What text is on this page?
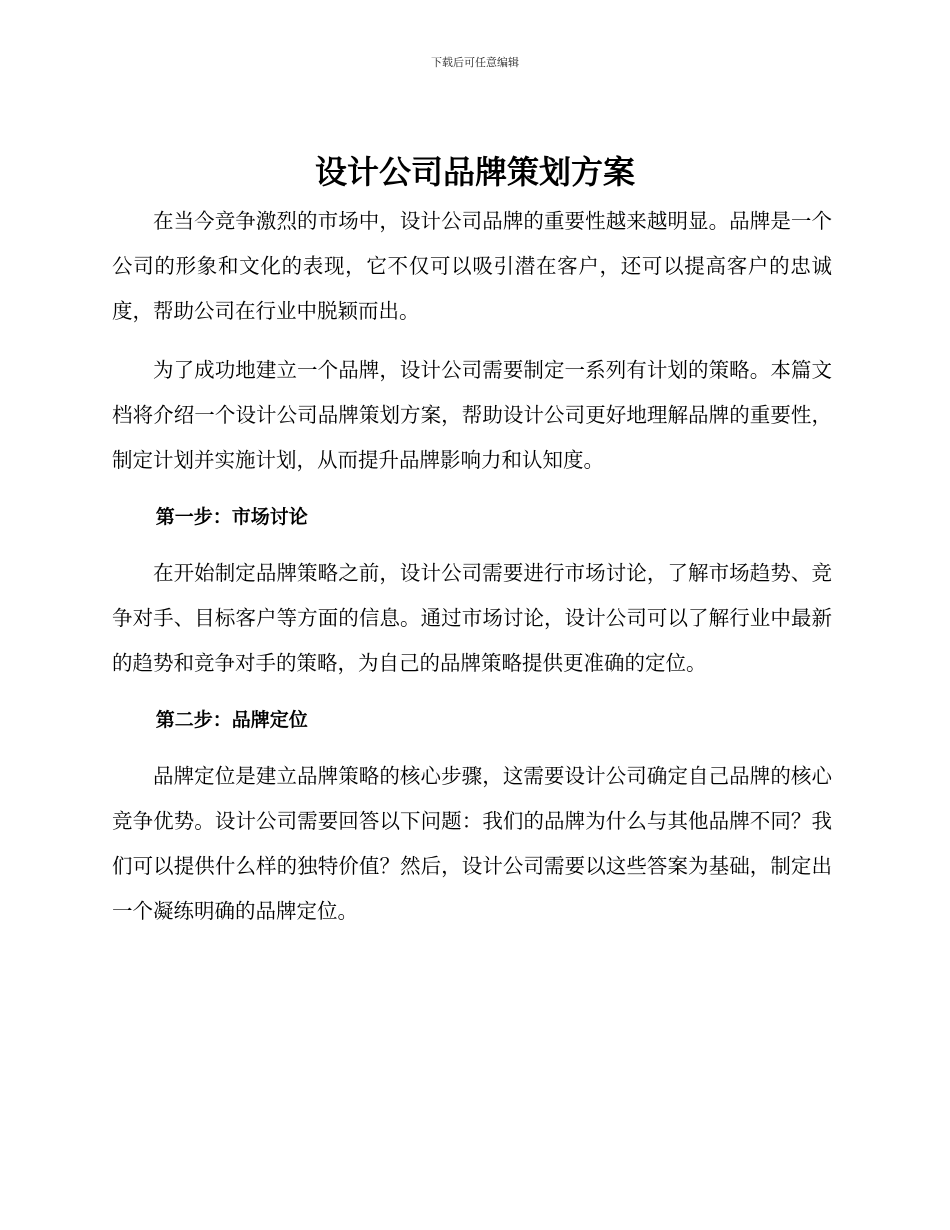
下载后可任意编辑
设计公司品牌策划方案

在当今竞争激烈的市场中，设计公司品牌的重要性越来越明显。品牌是一个公司的形象和文化的表现，它不仅可以吸引潜在客户，还可以提高客户的忠诚度，帮助公司在行业中脱颖而出。

为了成功地建立一个品牌，设计公司需要制定一系列有计划的策略。本篇文档将介绍一个设计公司品牌策划方案，帮助设计公司更好地理解品牌的重要性，制定计划并实施计划，从而提升品牌影响力和认知度。

第一步：市场讨论

在开始制定品牌策略之前，设计公司需要进行市场讨论，了解市场趋势、竞争对手、目标客户等方面的信息。通过市场讨论，设计公司可以了解行业中最新的趋势和竞争对手的策略，为自己的品牌策略提供更准确的定位。

第二步：品牌定位

品牌定位是建立品牌策略的核心步骤，这需要设计公司确定自己品牌的核心竞争优势。设计公司需要回答以下问题：我们的品牌为什么与其他品牌不同？我们可以提供什么样的独特价值？然后，设计公司需要以这些答案为基础，制定出一个凝练明确的品牌定位。
